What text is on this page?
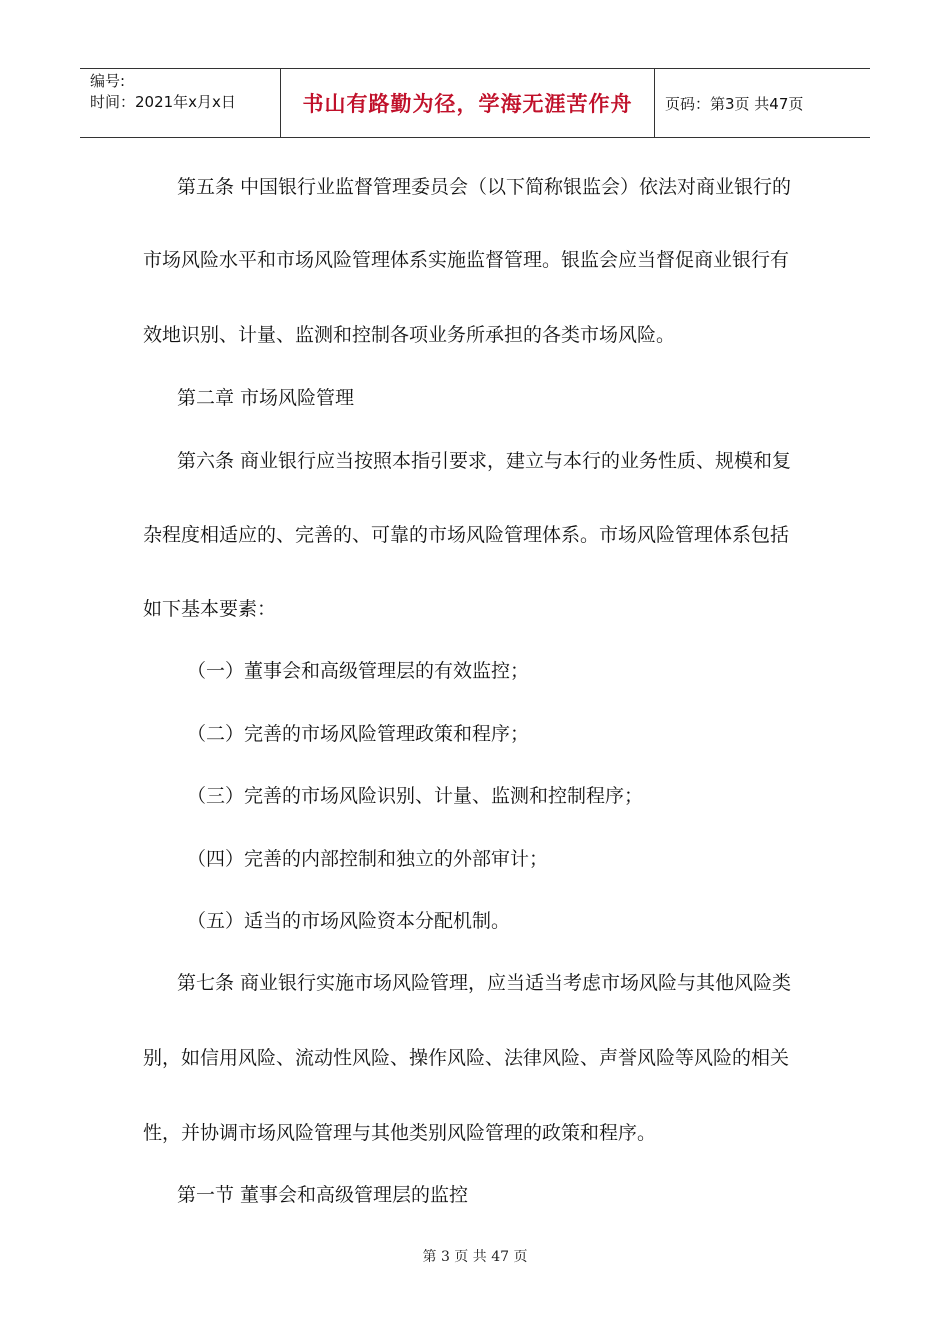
编号:
时间：2021年x月x日	书山有路勤为径，学海无涯苦作舟	页码：第3页 共47页
第五条 中国银行业监督管理委员会（以下简称银监会）依法对商业银行的
市场风险水平和市场风险管理体系实施监督管理。银监会应当督促商业银行有
效地识别、计量、监测和控制各项业务所承担的各类市场风险。
第二章 市场风险管理
第六条 商业银行应当按照本指引要求，建立与本行的业务性质、规模和复
杂程度相适应的、完善的、可靠的市场风险管理体系。市场风险管理体系包括
如下基本要素：
（一）董事会和高级管理层的有效监控；
（二）完善的市场风险管理政策和程序；
（三）完善的市场风险识别、计量、监测和控制程序；
（四）完善的内部控制和独立的外部审计；
（五）适当的市场风险资本分配机制。
第七条 商业银行实施市场风险管理，应当适当考虑市场风险与其他风险类
别，如信用风险、流动性风险、操作风险、法律风险、声誉风险等风险的相关
性，并协调市场风险管理与其他类别风险管理的政策和程序。
第一节 董事会和高级管理层的监控
第 3 页 共 47 页
